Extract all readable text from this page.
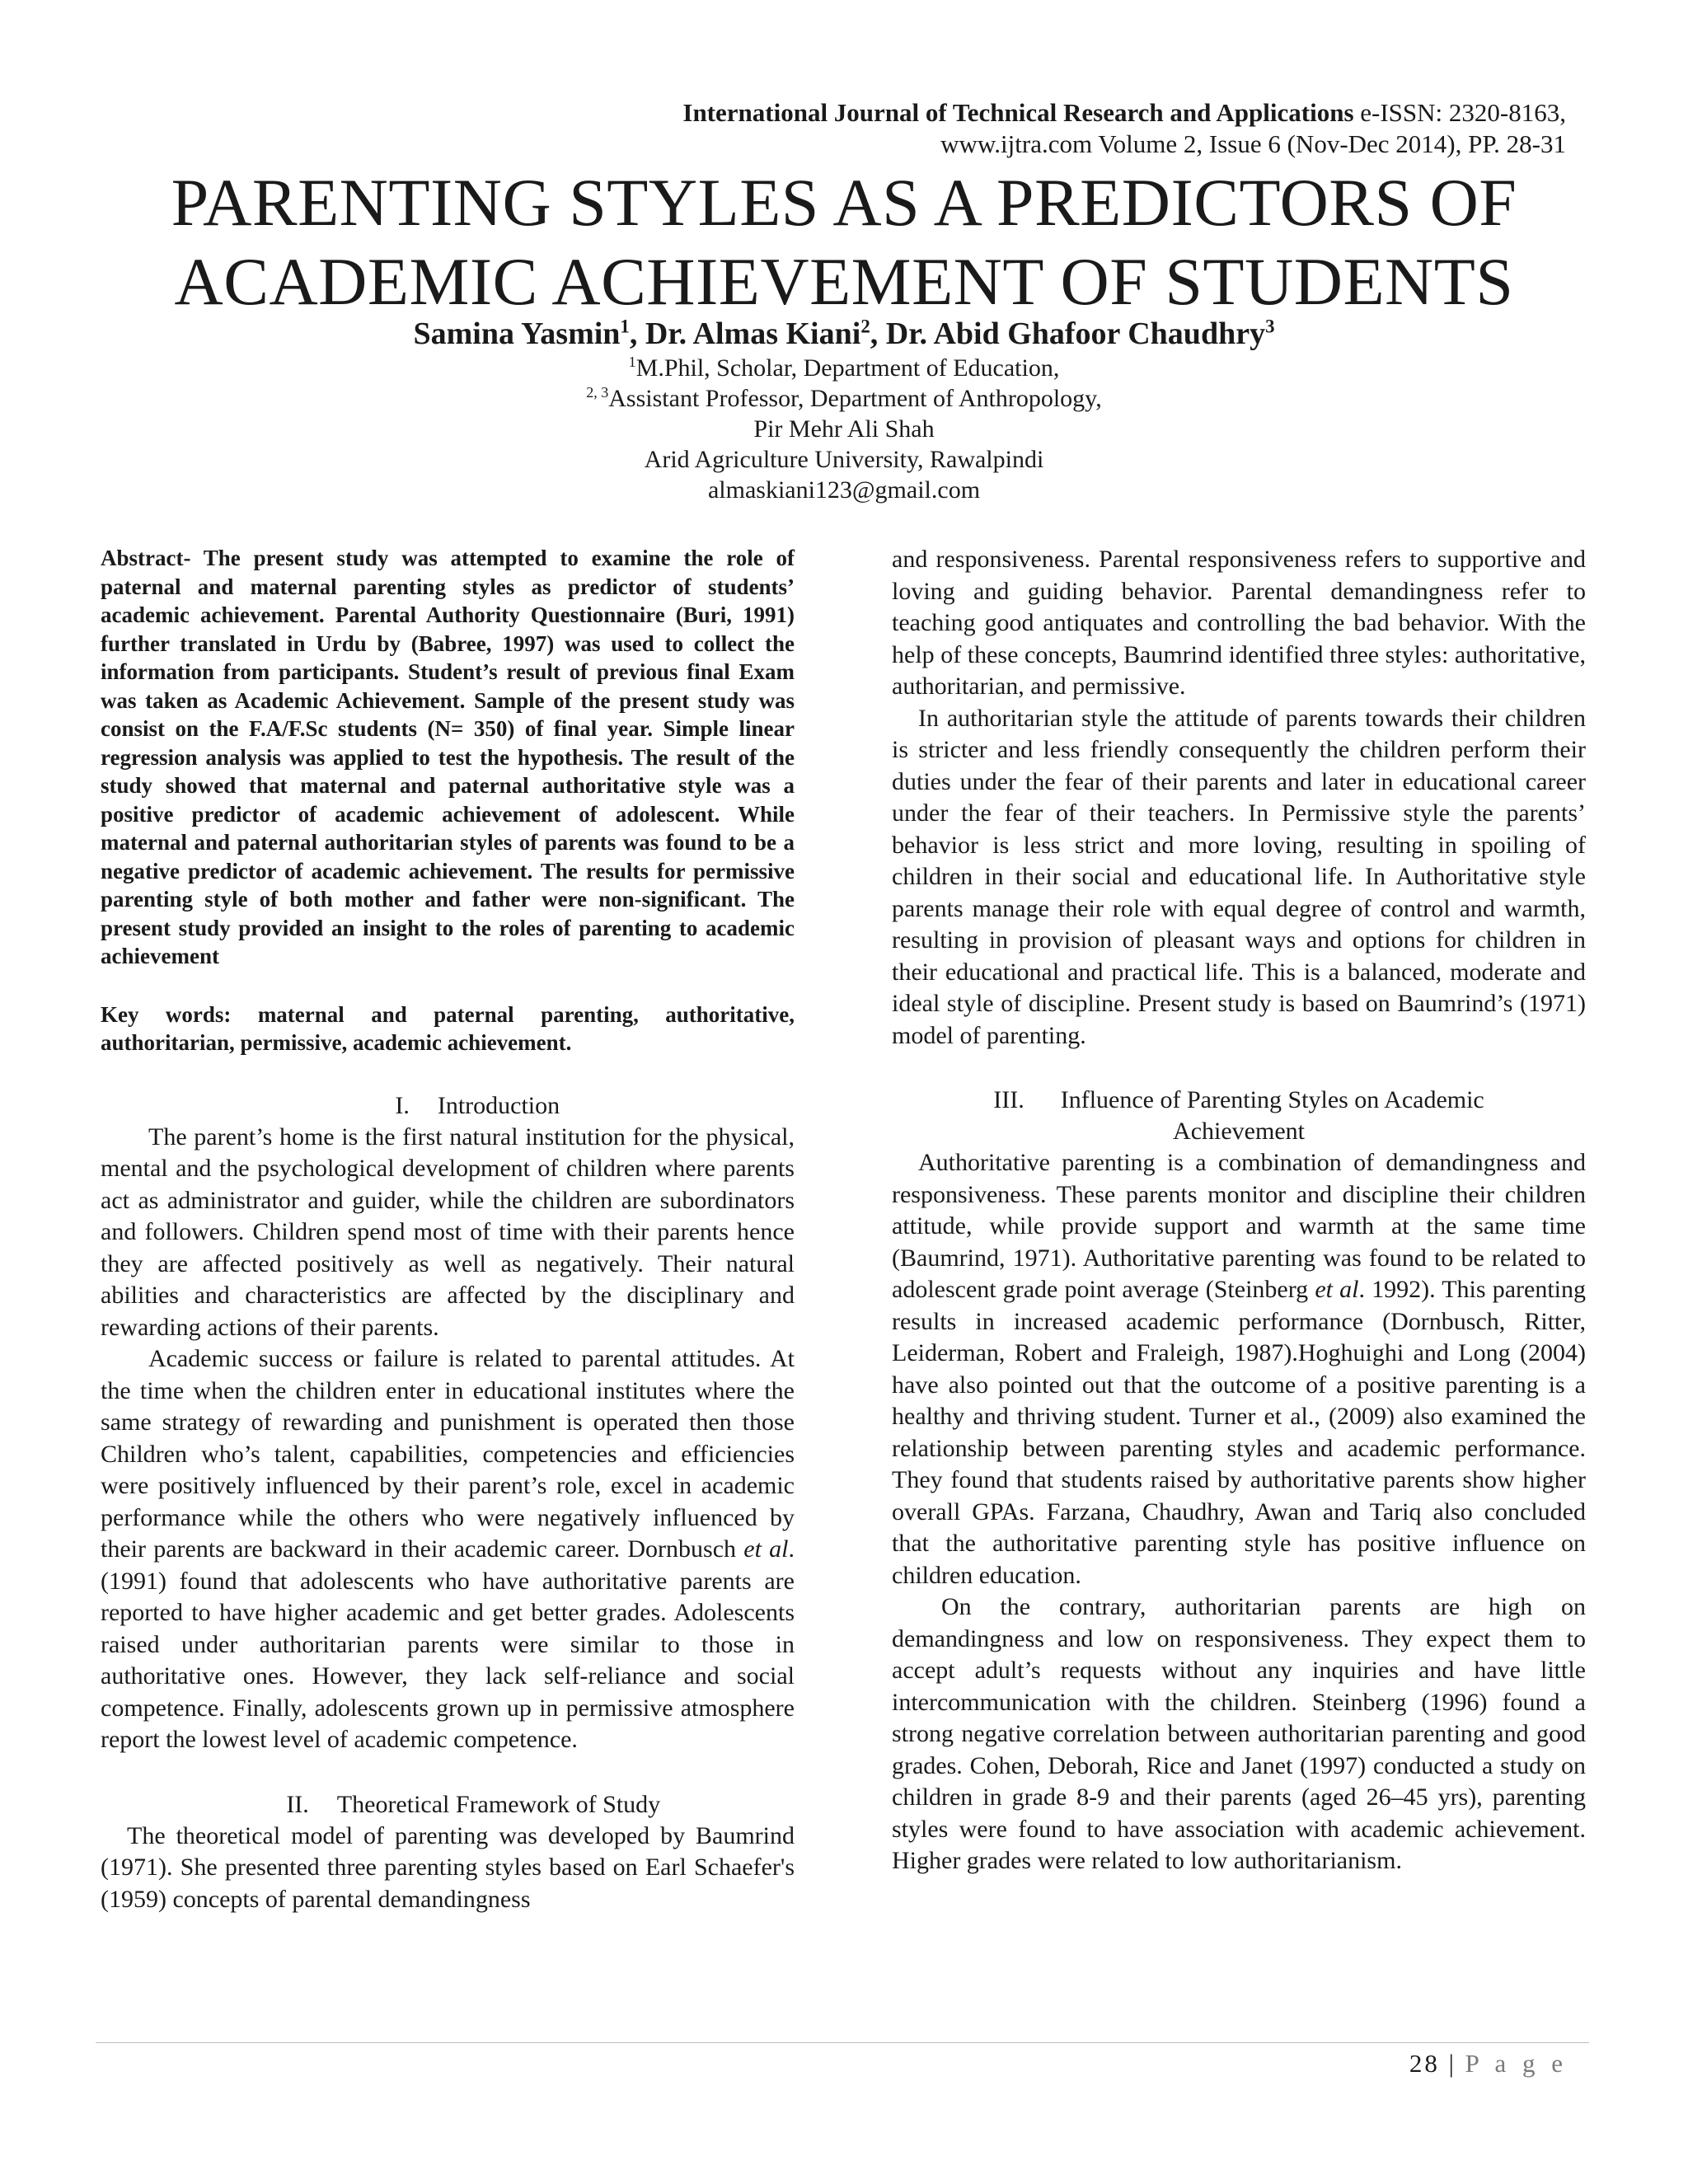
International Journal of Technical Research and Applications e-ISSN: 2320-8163,
www.ijtra.com Volume 2, Issue 6 (Nov-Dec 2014), PP. 28-31
PARENTING STYLES AS A PREDICTORS OF
ACADEMIC ACHIEVEMENT OF STUDENTS
Samina Yasmin$^1$, Dr. Almas Kiani$^2$, Dr. Abid Ghafoor Chaudhry$^3$
$^1$M.Phil, Scholar, Department of Education,
$^{2, 3}$Assistant Professor, Department of Anthropology,
Pir Mehr Ali Shah
Arid Agriculture University, Rawalpindi
almaskiani123@gmail.com
Abstract- The present study was attempted to examine the role of paternal and maternal parenting styles as predictor of students’ academic achievement. Parental Authority Questionnaire (Buri, 1991) further translated in Urdu by (Babree, 1997) was used to collect the information from participants. Student’s result of previous final Exam was taken as Academic Achievement. Sample of the present study was consist on the F.A/F.Sc students (N= 350) of final year. Simple linear regression analysis was applied to test the hypothesis. The result of the study showed that maternal and paternal authoritative style was a positive predictor of academic achievement of adolescent. While maternal and paternal authoritarian styles of parents was found to be a negative predictor of academic achievement. The results for permissive parenting style of both mother and father were non-significant. The present study provided an insight to the roles of parenting to academic achievement
Key words: maternal and paternal parenting, authoritative, authoritarian, permissive, academic achievement.
I. Introduction

The parent’s home is the first natural institution for the physical, mental and the psychological development of children where parents act as administrator and guider, while the children are subordinators and followers. Children spend most of time with their parents hence they are affected positively as well as negatively. Their natural abilities and characteristics are affected by the disciplinary and rewarding actions of their parents.

Academic success or failure is related to parental attitudes. At the time when the children enter in educational institutes where the same strategy of rewarding and punishment is operated then those Children who’s talent, capabilities, competencies and efficiencies were positively influenced by their parent’s role, excel in academic performance while the others who were negatively influenced by their parents are backward in their academic career. Dornbusch et al. (1991) found that adolescents who have authoritative parents are reported to have higher academic and get better grades. Adolescents raised under authoritarian parents were similar to those in authoritative ones. However, they lack self-reliance and social competence. Finally, adolescents grown up in permissive atmosphere report the lowest level of academic competence.

II. Theoretical Framework of Study

The theoretical model of parenting was developed by Baumrind (1971). She presented three parenting styles based on Earl Schaefer's (1959) concepts of parental demandingness

and responsiveness. Parental responsiveness refers to supportive and loving and guiding behavior. Parental demandingness refer to teaching good antiquates and controlling the bad behavior. With the help of these concepts, Baumrind identified three styles: authoritative, authoritarian, and permissive.

In authoritarian style the attitude of parents towards their children is stricter and less friendly consequently the children perform their duties under the fear of their parents and later in educational career under the fear of their teachers. In Permissive style the parents’ behavior is less strict and more loving, resulting in spoiling of children in their social and educational life. In Authoritative style parents manage their role with equal degree of control and warmth, resulting in provision of pleasant ways and options for children in their educational and practical life. This is a balanced, moderate and ideal style of discipline. Present study is based on Baumrind’s (1971) model of parenting.

III. Influence of Parenting Styles on Academic
Achievement

Authoritative parenting is a combination of demandingness and responsiveness. These parents monitor and discipline their children attitude, while provide support and warmth at the same time (Baumrind, 1971). Authoritative parenting was found to be related to adolescent grade point average (Steinberg et al. 1992). This parenting results in increased academic performance (Dornbusch, Ritter, Leiderman, Robert and Fraleigh, 1987).Hoghuighi and Long (2004) have also pointed out that the outcome of a positive parenting is a healthy and thriving student. Turner et al., (2009) also examined the relationship between parenting styles and academic performance. They found that students raised by authoritative parents show higher overall GPAs. Farzana, Chaudhry, Awan and Tariq also concluded that the authoritative parenting style has positive influence on children education.

On the contrary, authoritarian parents are high on demandingness and low on responsiveness. They expect them to accept adult’s requests without any inquiries and have little intercommunication with the children. Steinberg (1996) found a strong negative correlation between authoritarian parenting and good grades. Cohen, Deborah, Rice and Janet (1997) conducted a study on children in grade 8-9 and their parents (aged 26–45 yrs), parenting styles were found to have association with academic achievement. Higher grades were related to low authoritarianism.

28 | P a g e
